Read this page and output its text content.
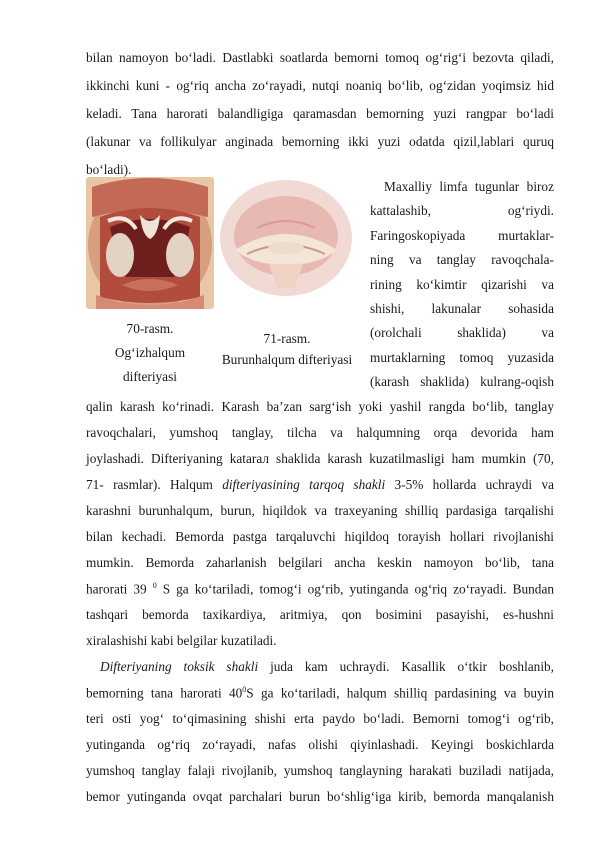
bilan namoyon bo‘ladi. Dastlabki soatlarda bemorni tomoq og‘rig‘i bezovta qiladi,
ikkinchi kuni - og‘riq ancha zo‘rayadi, nutqi noaniq bo‘lib, og‘zidan yoqimsiz hid
keladi. Tana harorati balandligiga qaramasdan bemorning yuzi rangpar bo‘ladi
(lakunar va follikulyar anginada bemorning ikki yuzi odatda qizil,lablari quruq
bo‘ladi).
70-rasm.
Og‘izhalqum
difteriyasi
71-rasm.
Burunhalqum difteriyasi
Maxalliy limfa tugunlar biroz
kattalashib, og‘riydi.
Faringoskopiyada murtaklar-
ning va tanglay ravoqchala-
rining ko‘kimtir qizarishi va
shishi, lakunalar sohasida
(orolchali shaklida) va
murtaklarning tomoq yuzasida
(karash shaklida) kulrang-oqish
qalin karash ko‘rinadi. Karash ba’zan sarg‘ish yoki yashil rangda bo‘lib, tanglay
ravoqchalari, yumshoq tanglay, tilcha va halqumning orqa devorida ham
joylashadi. Difteriyaning katarал shaklida karash kuzatilmasligi ham mumkin (70,
71- rasmlar). Halqum difteriyasining tarqoq shakli 3-5% hollarda uchraydi va
karashni burunhalqum, burun, hiqildok va traxeyaning shilliq pardasiga tarqalishi
bilan kechadi. Bemorda pastga tarqaluvchi hiqildoq torayish hollari rivojlanishi
mumkin. Bemorda zaharlanish belgilari ancha keskin namoyon bo‘lib, tana
harorati 39 $^0$ S ga ko‘tariladi, tomog‘i og‘rib, yutinganda og‘riq zo‘rayadi. Bundan
tashqari bemorda taxikardiya, aritmiya, qon bosimini pasayishi, es-hushni
xiralashishi kabi belgilar kuzatiladi.
Difteriyaning toksik shakli juda kam uchraydi. Kasallik o‘tkir boshlanib,
bemorning tana harorati $40^0S$ ga ko‘tariladi, halqum shilliq pardasining va buyin
teri osti yog‘ to‘qimasining shishi erta paydo bo‘ladi. Bemorni tomog‘i og‘rib,
yutinganda og‘riq zo‘rayadi, nafas olishi qiyinlashadi. Keyingi boskichlarda
yumshoq tanglay falaji rivojlanib, yumshoq tanglayning harakati buziladi natijada,
bemor yutinganda ovqat parchalari burun bo‘shlig‘iga kirib, bemorda manqalanish
